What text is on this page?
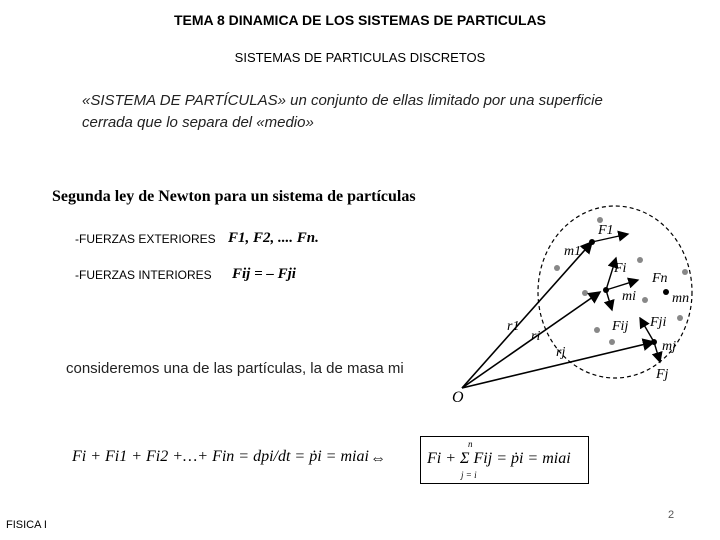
TEMA 8 DINAMICA DE LOS SISTEMAS DE PARTICULAS
SISTEMAS DE PARTICULAS DISCRETOS
«SISTEMA DE PARTÍCULAS» un conjunto de ellas limitado por una superficie cerrada que lo separa del «medio»
Segunda ley de Newton para un sistema de partículas
-FUERZAS EXTERIORES F1, F2, .... Fn.
-FUERZAS INTERIORES Fij = – Fji
consideremos una de las partículas, la de masa mi
Fi + Fi1 + Fi2 +…+ Fin = dpi/dt = ṗi = miai ⇔
n
Fi + Σ Fij = ṗi = miai
j = i
O
r1
ri
rj
m1
mi	mn
mj
F1
Fi
Fn
Fij Fji
Fj
FISICA I
2
